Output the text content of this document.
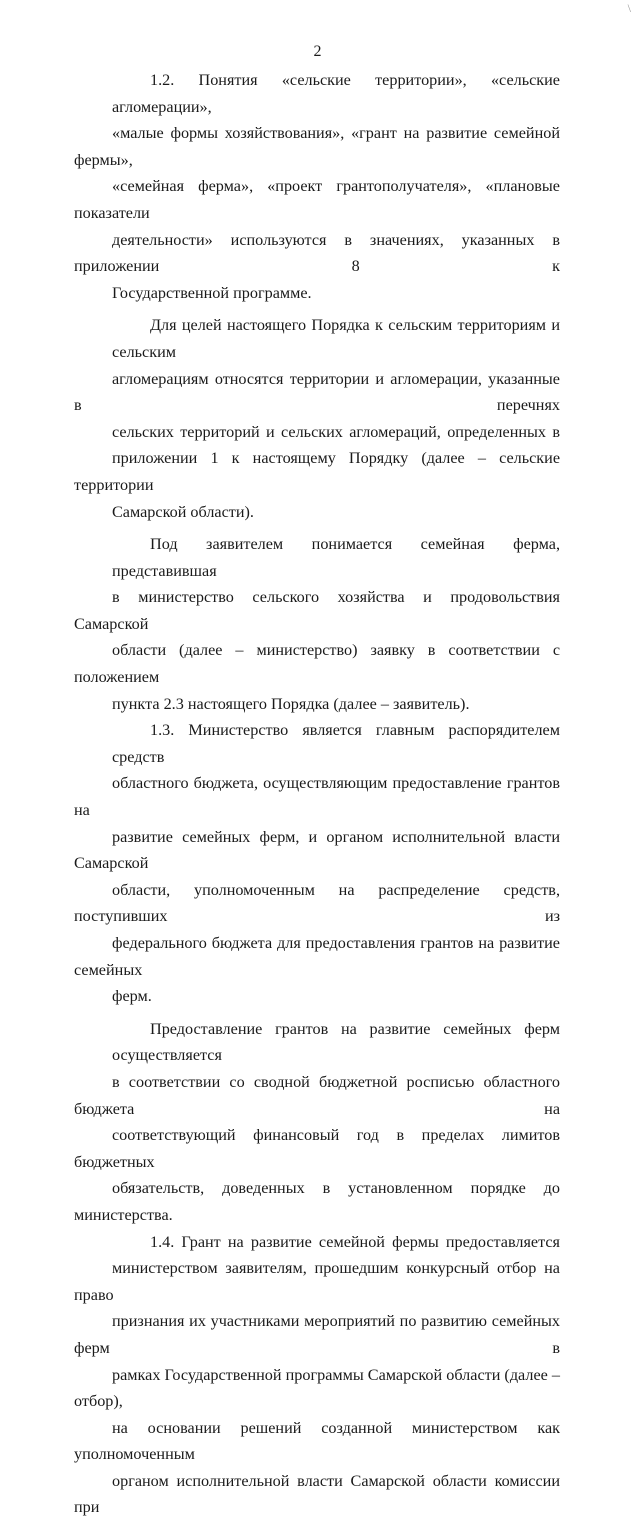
\
2

1.2. Понятия «сельские территории», «сельские агломерации»,
«малые формы хозяйствования», «грант на развитие семейной фермы»,
«семейная ферма», «проект грантополучателя», «плановые показатели
деятельности» используются в значениях, указанных в приложении 8 к
Государственной программе.

Для целей настоящего Порядка к сельским территориям и сельским
агломерациям относятся территории и агломерации, указанные в перечнях
сельских территорий и сельских агломераций, определенных в
приложении 1 к настоящему Порядку (далее – сельские территории
Самарской области).

Под заявителем понимается семейная ферма, представившая
в министерство сельского хозяйства и продовольствия Самарской
области (далее – министерство) заявку в соответствии с положением
пункта 2.3 настоящего Порядка (далее – заявитель).

1.3. Министерство является главным распорядителем средств
областного бюджета, осуществляющим предоставление грантов на
развитие семейных ферм, и органом исполнительной власти Самарской
области, уполномоченным на распределение средств, поступивших из
федерального бюджета для предоставления грантов на развитие семейных
ферм.

Предоставление грантов на развитие семейных ферм осуществляется
в соответствии со сводной бюджетной росписью областного бюджета на
соответствующий финансовый год в пределах лимитов бюджетных
обязательств, доведенных в установленном порядке до министерства.

1.4. Грант на развитие семейной фермы предоставляется
министерством заявителям, прошедшим конкурсный отбор на право
признания их участниками мероприятий по развитию семейных ферм в
рамках Государственной программы Самарской области (далее – отбор),
на основании решений созданной министерством как уполномоченным
органом исполнительной власти Самарской области комиссии при
